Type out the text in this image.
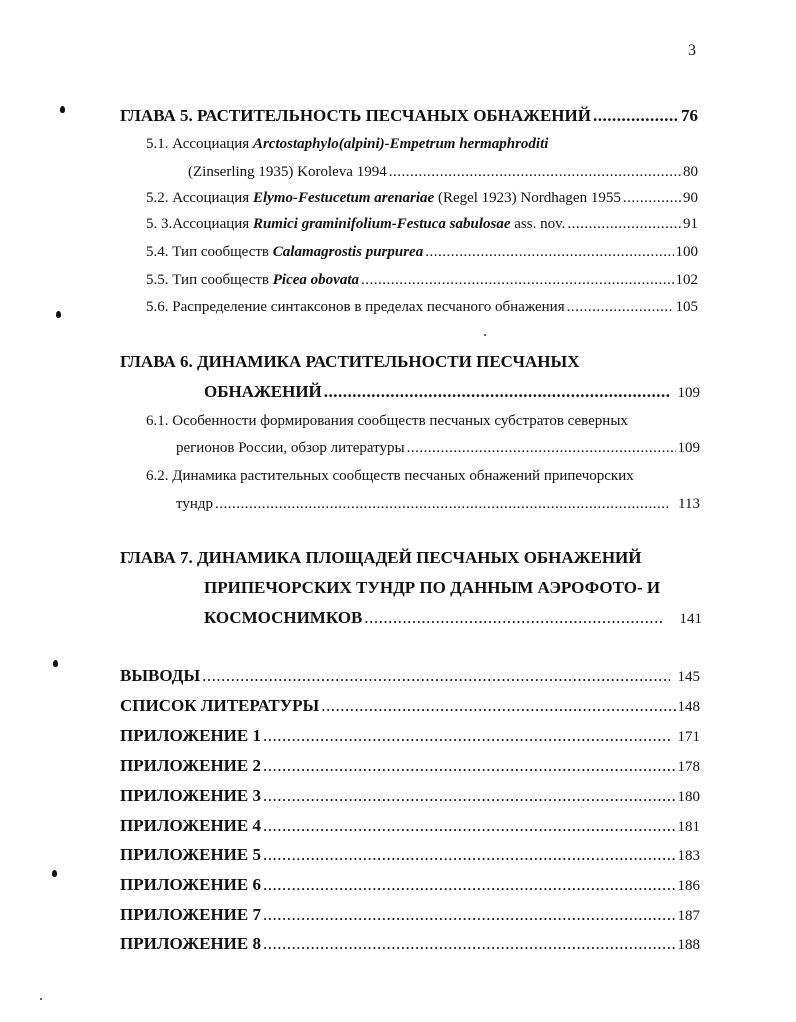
3
ГЛАВА 5. РАСТИТЕЛЬНОСТЬ ПЕСЧАНЫХ ОБНАЖЕНИЙ .....	76
5.1. Ассоциация Arctostaphylo(alpini)-Empetrum hermaphroditi
(Zinserling 1935) Koroleva 1994 .....	80
5.2. Ассоциация Elymo-Festucetum arenariae (Regel 1923) Nordhagen 1955 .....	90
5. 3.Ассоциация Rumici graminifolium-Festuca sabulosae ass. nov. .....	91
5.4. Тип сообществ Calamagrostis purpurea .....	100
5.5. Тип сообществ Picea obovata .....	102
5.6. Распределение синтаксонов в пределах песчаного обнажения .....	105
ГЛАВА 6. ДИНАМИКА РАСТИТЕЛЬНОСТИ ПЕСЧАНЫХ
ОБНАЖЕНИЙ .....	109
6.1. Особенности формирования сообществ песчаных субстратов северных
регионов России, обзор литературы .....	109
6.2. Динамика растительных сообществ песчаных обнажений припечорских
тундр .....	113
ГЛАВА 7. ДИНАМИКА ПЛОЩАДЕЙ ПЕСЧАНЫХ ОБНАЖЕНИЙ
ПРИПЕЧОРСКИХ ТУНДР ПО ДАННЫМ АЭРОФОТО- И
КОСМОСНИМКОВ .....	141
ВЫВОДЫ .....	145
СПИСОК ЛИТЕРАТУРЫ .....	148
ПРИЛОЖЕНИЕ 1 .....	171
ПРИЛОЖЕНИЕ 2 .....	178
ПРИЛОЖЕНИЕ 3 .....	180
ПРИЛОЖЕНИЕ 4 .....	181
ПРИЛОЖЕНИЕ 5 .....	183
ПРИЛОЖЕНИЕ 6 .....	186
ПРИЛОЖЕНИЕ 7 .....	187
ПРИЛОЖЕНИЕ 8 .....	188
